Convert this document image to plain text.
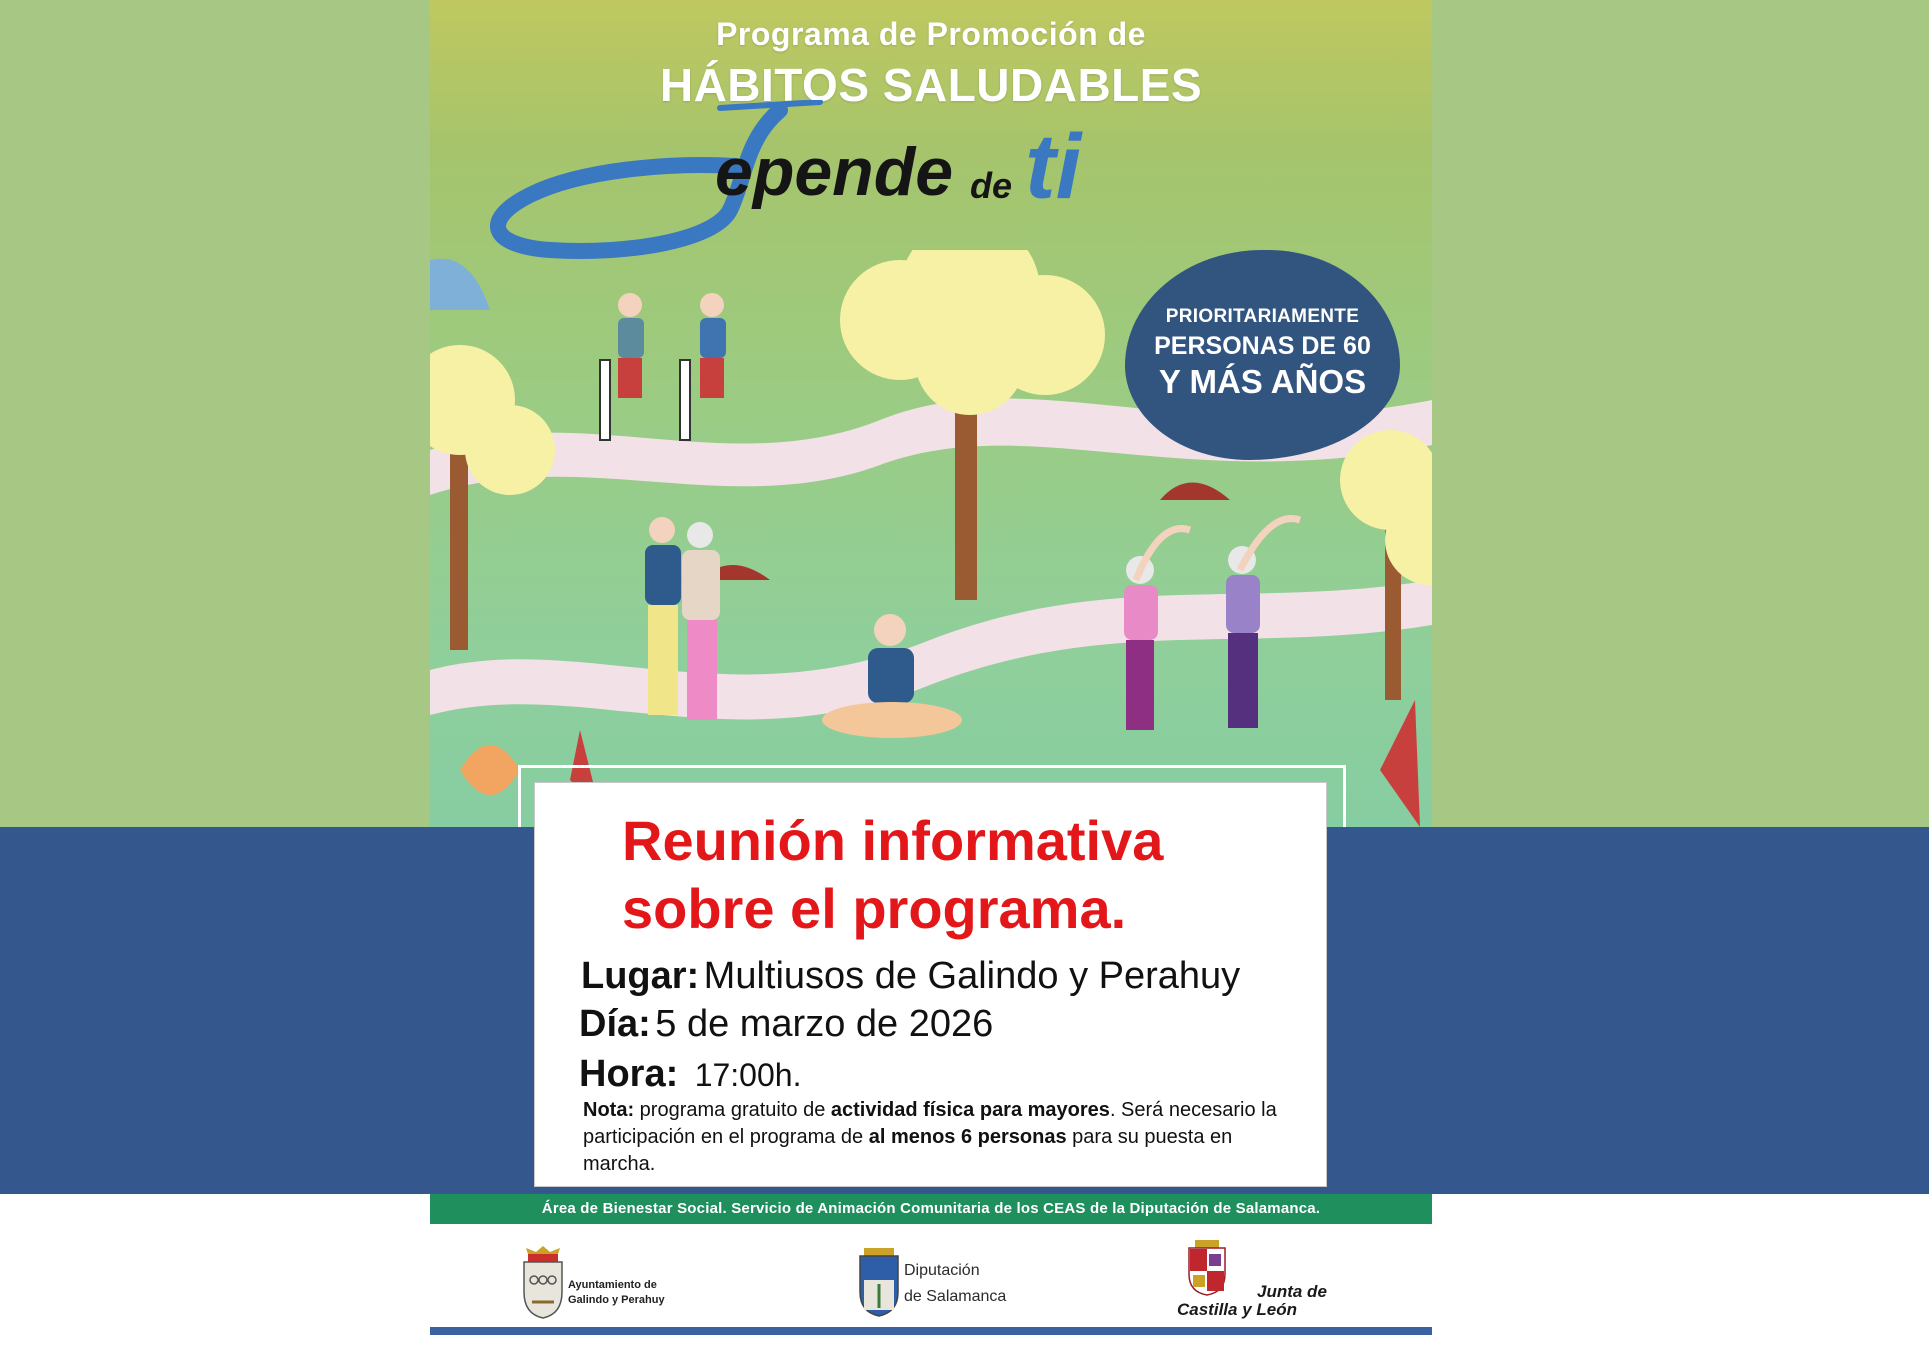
Programa de Promoción de
HÁBITOS SALUDABLES
epende de ti
PRIORITARIAMENTE
PERSONAS DE 60
Y MÁS AÑOS
Reunión informativa
sobre el programa.
Lugar: Multiusos de Galindo y Perahuy
Día: 5 de marzo de 2026
Hora: 17:00h.
Nota: programa gratuito de actividad física para mayores. Será necesario la participación en el programa de al menos 6 personas para su puesta en marcha.
Área de Bienestar Social. Servicio de Animación Comunitaria de los CEAS de la Diputación de Salamanca.
Ayuntamiento de
Galindo y Perahuy
Diputación
de Salamanca	Junta de
Castilla y León
